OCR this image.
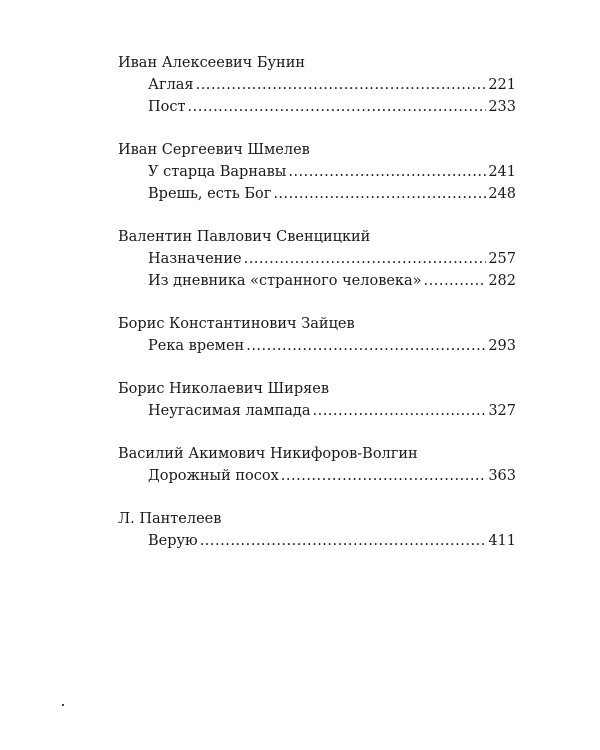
Иван Алексеевич Бунин
Аглая .....	221
Пост .....	233
Иван Сергеевич Шмелев
У старца Варнавы .....	241
Врешь, есть Бог .....	248
Валентин Павлович Свенцицкий
Назначение .....	257
Из дневника «странного человека» .....	282
Борис Константинович Зайцев
Река времен .....	293
Борис Николаевич Ширяев
Неугасимая лампада .....	327
Василий Акимович Никифоров-Волгин
Дорожный посох .....	363
Л. Пантелеев
Верую .....	411
